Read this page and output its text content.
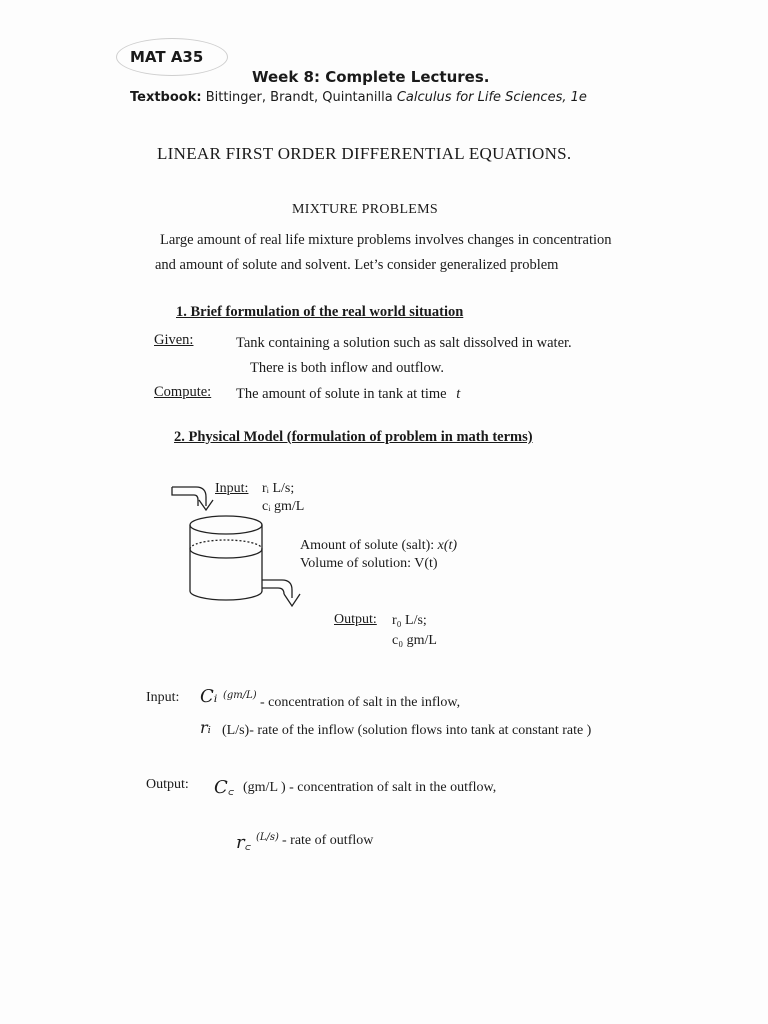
MAT A35
Week 8: Complete Lectures.
Textbook: Bittinger, Brandt, Quintanilla Calculus for Life Sciences, 1e
LINEAR FIRST ORDER DIFFERENTIAL EQUATIONS.
MIXTURE PROBLEMS
Large amount of real life mixture problems involves changes in concentration
and amount of solute and solvent. Let’s consider generalized problem
1. Brief formulation of the real world situation
Given:	Tank containing a solution such as salt dissolved in water.
There is both inflow and outflow.
Compute: The amount of solute in tank at time t
2. Physical Model (formulation of problem in math terms)
Input: rᵢ L/s;
cᵢ gm/L
Amount of solute (salt): x(t)
Volume of solution: V(t)
Output: r₀ L/s;
c₀ gm/L
Input: Cᵢ (gm/L) - concentration of salt in the inflow,
rᵢ (L/s)- rate of the inflow (solution flows into tank at constant rate )
Output: C꜀ (gm/L ) - concentration of salt in the outflow,
r꜀ (L/s) - rate of outflow
